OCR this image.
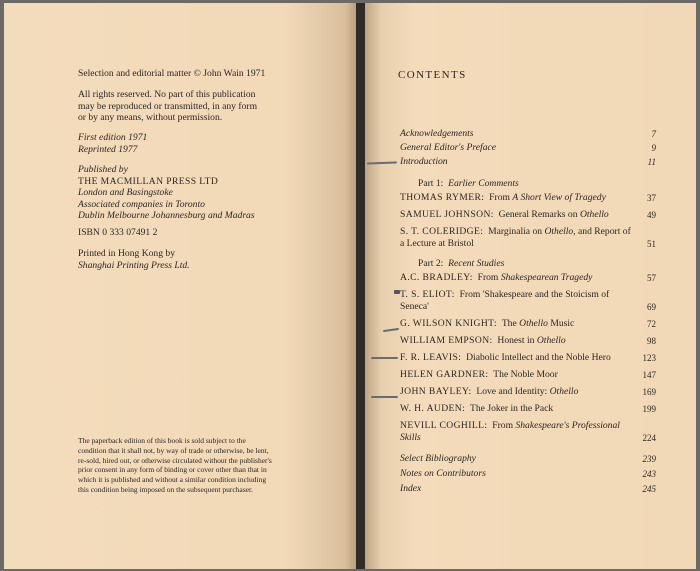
Selection and editorial matter © John Wain 1971
All rights reserved. No part of this publication
may be reproduced or transmitted, in any form
or by any means, without permission.
First edition 1971
Reprinted 1977
Published by
THE MACMILLAN PRESS LTD
London and Basingstoke
Associated companies in Toronto
Dublin Melbourne Johannesburg and Madras
ISBN 0 333 07491 2
Printed in Hong Kong by
Shanghai Printing Press Ltd.
The paperback edition of this book is sold subject to the
condition that it shall not, by way of trade or otherwise, be lent,
re-sold, hired out, or otherwise circulated without the publisher's
prior consent in any form of binding or cover other than that in
which it is published and without a similar condition including
this condition being imposed on the subsequent purchaser.
CONTENTS
Acknowledgements	7
General Editor's Preface	9
Introduction	11
Part 1: Earlier Comments
THOMAS RYMER: From A Short View of Tragedy	37
SAMUEL JOHNSON: General Remarks on Othello	49
S. T. COLERIDGE: Marginalia on Othello, and Report of a Lecture at Bristol	51
Part 2: Recent Studies
A.C. BRADLEY: From Shakespearean Tragedy	57
T. S. ELIOT: From 'Shakespeare and the Stoicism of Seneca'	69
G. WILSON KNIGHT: The Othello Music	72
WILLIAM EMPSON: Honest in Othello	98
F. R. LEAVIS: Diabolic Intellect and the Noble Hero	123
HELEN GARDNER: The Noble Moor	147
JOHN BAYLEY: Love and Identity: Othello	169
W. H. AUDEN: The Joker in the Pack	199
NEVILL COGHILL: From Shakespeare's Professional Skills	224
Select Bibliography	239
Notes on Contributors	243
Index	245
